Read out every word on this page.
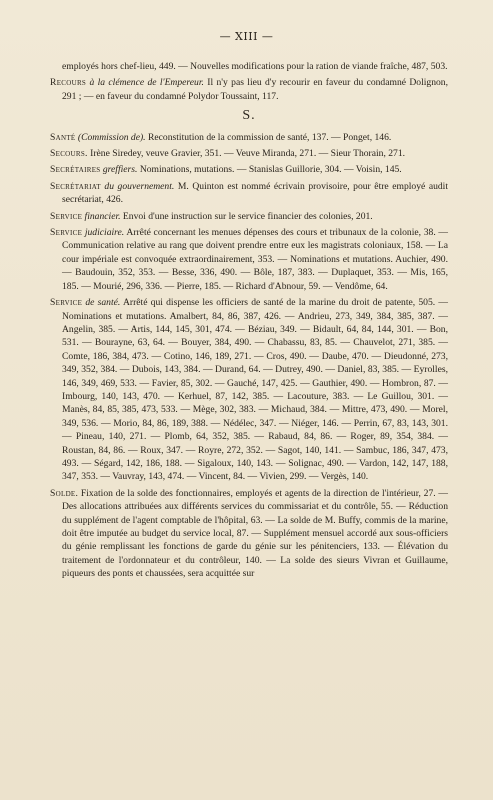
— XIII —

employés hors chef-lieu, 449. — Nouvelles modifications pour la ration de viande fraîche, 487, 503.

Recours à la clémence de l'Empereur. Il n'y pas lieu d'y recourir en faveur du condamné Dolignon, 291 ; — en faveur du condamné Polydor Toussaint, 117.

S.

Santé (Commission de). Reconstitution de la commission de santé, 137. — Ponget, 146.

Secours. Irène Siredey, veuve Gravier, 351. — Veuve Miranda, 271. — Sieur Thorain, 271.

Secrétaires greffiers. Nominations, mutations. — Stanislas Guillorie, 304. — Voisin, 145.

Secrétariat du gouvernement. M. Quinton est nommé écrivain provisoire, pour être employé audit secrétariat, 426.

Service financier. Envoi d'une instruction sur le service financier des colonies, 201.

Service judiciaire. Arrêté concernant les menues dépenses des cours et tribunaux de la colonie, 38. — Communication relative au rang que doivent prendre entre eux les magistrats coloniaux, 158. — La cour impériale est convoquée extraordinairement, 353. — Nominations et mutations. Auchier, 490. — Baudouin, 352, 353. — Besse, 336, 490. — Bôle, 187, 383. — Duplaquet, 353. — Mis, 165, 185. — Mourié, 296, 336. — Pierre, 185. — Richard d'Abnour, 59. — Vendôme, 64.

Service de santé. Arrêté qui dispense les officiers de santé de la marine du droit de patente, 505. — Nominations et mutations. Amalbert, 84, 86, 387, 426. — Andrieu, 273, 349, 384, 385, 387. — Angelin, 385. — Artis, 144, 145, 301, 474. — Béziau, 349. — Bidault, 64, 84, 144, 301. — Bon, 531. — Bourayne, 63, 64. — Bouyer, 384, 490. — Chabassu, 83, 85. — Chauvelot, 271, 385. — Comte, 186, 384, 473. — Cotino, 146, 189, 271. — Cros, 490. — Daube, 470. — Dieudonné, 273, 349, 352, 384. — Dubois, 143, 384. — Durand, 64. — Dutrey, 490. — Daniel, 83, 385. — Eyrolles, 146, 349, 469, 533. — Favier, 85, 302. — Gauché, 147, 425. — Gauthier, 490. — Hombron, 87. — Imbourg, 140, 143, 470. — Kerhuel, 87, 142, 385. — Lacouture, 383. — Le Guillou, 301. — Manès, 84, 85, 385, 473, 533. — Mège, 302, 383. — Michaud, 384. — Mittre, 473, 490. — Morel, 349, 536. — Morio, 84, 86, 189, 388. — Nédélec, 347. — Niéger, 146. — Perrin, 67, 83, 143, 301. — Pineau, 140, 271. — Plomb, 64, 352, 385. — Rabaud, 84, 86. — Roger, 89, 354, 384. — Roustan, 84, 86. — Roux, 347. — Royre, 272, 352. — Sagot, 140, 141. — Sambuc, 186, 347, 473, 493. — Ségard, 142, 186, 188. — Sigaloux, 140, 143. — Solignac, 490. — Vardon, 142, 147, 188, 347, 353. — Vauvray, 143, 474. — Vincent, 84. — Vivien, 299. — Vergès, 140.

Solde. Fixation de la solde des fonctionnaires, employés et agents de la direction de l'intérieur, 27. — Des allocations attribuées aux différents services du commissariat et du contrôle, 55. — Réduction du supplément de l'agent comptable de l'hôpital, 63. — La solde de M. Buffy, commis de la marine, doit être imputée au budget du service local, 87. — Supplément mensuel accordé aux sous-officiers du génie remplissant les fonctions de garde du génie sur les pénitenciers, 133. — Élévation du traitement de l'ordonnateur et du contrôleur, 140. — La solde des sieurs Vivran et Guillaume, piqueurs des ponts et chaussées, sera acquittée sur
